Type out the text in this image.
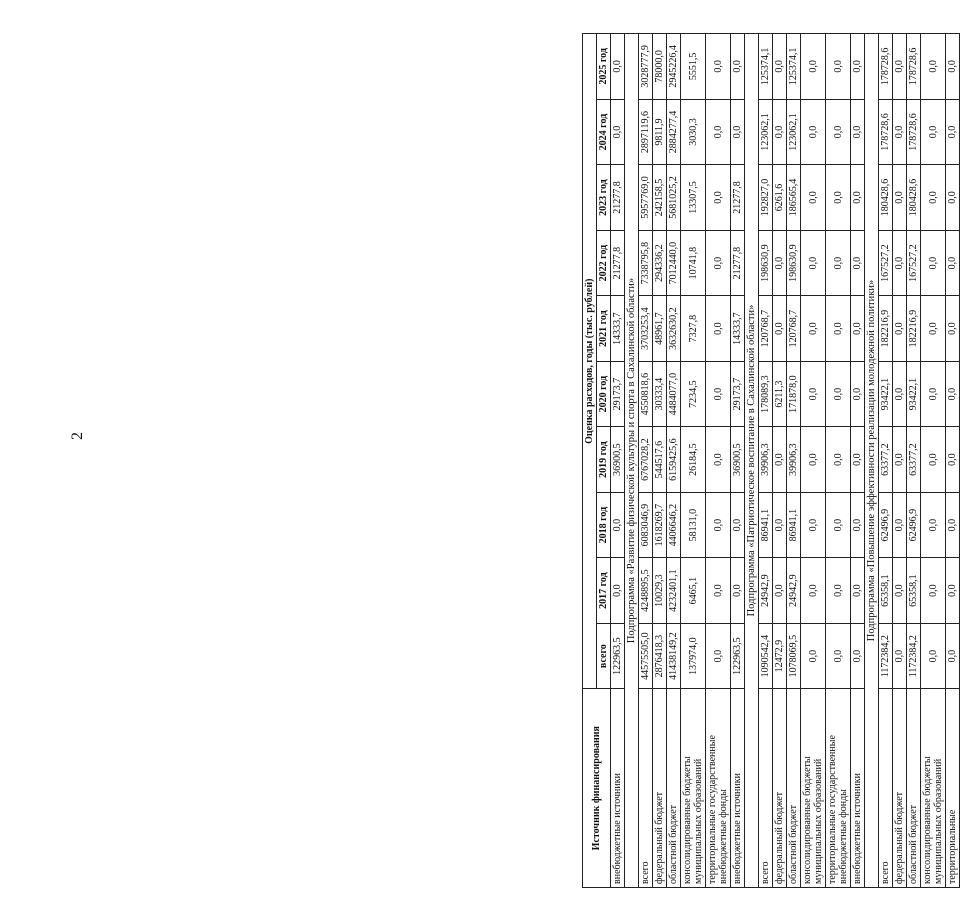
2
Источник финансирования	Оценка расходов, годы (тыс. рублей)									
	всего	2017 год	2018 год	2019 год	2020 год	2021 год	2022 год	2023 год	2024 год	2025 год
внебюджетные источники	122963,5	0,0	0,0	36900,5	29173,7	14333,7	21277,8	21277,8	0,0	0,0
Подпрограмма «Развитие физической культуры и спорта в Сахалинской области»										
всего	44575505,0	4248895,5	6083046,9	6767028,2	4550818,6	3703253,4	7338795,8	5957769,0	2897119,6	3028777,9
федеральный бюджет	2876418,3	10029,3	1618269,7	544517,6	30333,4	48961,7	294336,2	242158,5	9811,9	78000,0
областной бюджет	41438149,2	4232401,1	4406646,2	6159425,6	4484077,0	3632630,2	7012440,0	5681025,2	2884277,4	2945226,4
консолидированные бюджеты муниципальных образований	137974,0	6465,1	58131,0	26184,5	7234,5	7327,8	10741,8	13307,5	3030,3	5551,5
территориальные государственные внебюджетные фонды	0,0	0,0	0,0	0,0	0,0	0,0	0,0	0,0	0,0	0,0
внебюджетные источники	122963,5	0,0	0,0	36900,5	29173,7	14333,7	21277,8	21277,8	0,0	0,0
Подпрограмма «Патриотическое воспитание в Сахалинской области»										
всего	1090542,4	24942,9	86941,1	39906,3	178089,3	120768,7	198630,9	192827,0	123062,1	125374,1
федеральный бюджет	12472,9	0,0	0,0	0,0	6211,3	0,0	0,0	6261,6	0,0	0,0
областной бюджет	1078069,5	24942,9	86941,1	39906,3	171878,0	120768,7	198630,9	186565,4	123062,1	125374,1
консолидированные бюджеты муниципальных образований	0,0	0,0	0,0	0,0	0,0	0,0	0,0	0,0	0,0	0,0
территориальные государственные внебюджетные фонды	0,0	0,0	0,0	0,0	0,0	0,0	0,0	0,0	0,0	0,0
внебюджетные источники	0,0	0,0	0,0	0,0	0,0	0,0	0,0	0,0	0,0	0,0
Подпрограмма «Повышение эффективности реализации молодежной политики»										
всего	1172384,2	65358,1	62496,9	63377,2	93422,1	182216,9	167527,2	180428,6	178728,6	178728,6
федеральный бюджет	0,0	0,0	0,0	0,0	0,0	0,0	0,0	0,0	0,0	0,0
областной бюджет	1172384,2	65358,1	62496,9	63377,2	93422,1	182216,9	167527,2	180428,6	178728,6	178728,6
консолидированные бюджеты муниципальных образований	0,0	0,0	0,0	0,0	0,0	0,0	0,0	0,0	0,0	0,0
территориальные	0,0	0,0	0,0	0,0	0,0	0,0	0,0	0,0	0,0	0,0
